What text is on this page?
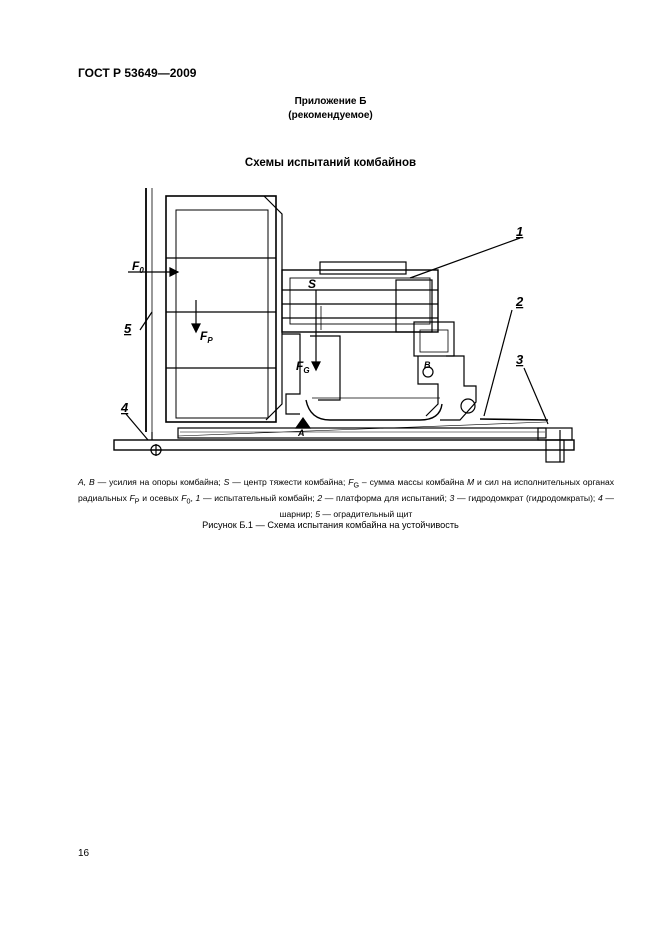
ГОСТ Р 53649—2009
Приложение Б
(рекомендуемое)
Схемы испытаний комбайнов
$F_0$
$F_P$
$F_G$
S
A
B
1
2
3
4
5
A, B — усилия на опоры комбайна; S — центр тяжести комбайна; $F_G$ – сумма массы комбайна M и сил на исполнительных органах радиальных $F_P$ и осевых $F_0$, 1 — испытательный комбайн; 2 — платформа для испытаний; 3 — гидродомкрат (гидродомкраты); 4 — шарнир; 5 — оградительный щит
Рисунок Б.1 — Схема испытания комбайна на устойчивость
16
